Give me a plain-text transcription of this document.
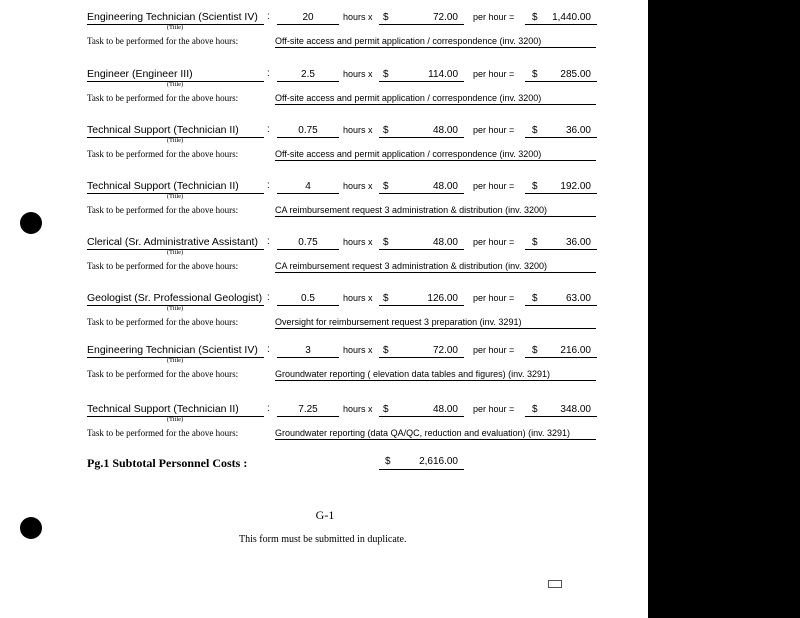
Engineering Technician (Scientist IV) :	20	hours x $	72.00	per hour = $	1,440.00
(Title)
Task to be performed for the above hours:	Off-site access and permit application / correspondence (inv. 3200)
Engineer (Engineer III)	:	2.5	hours x $	114.00	per hour = $	285.00
(Title)
Task to be performed for the above hours:	Off-site access and permit application / correspondence (inv. 3200)
Technical Support (Technician II)	:	0.75	hours x $	48.00	per hour = $	36.00
(Title)
Task to be performed for the above hours:	Off-site access and permit application / correspondence (inv. 3200)
Technical Support (Technician II)	:	4	hours x $	48.00	per hour = $	192.00
(Title)
Task to be performed for the above hours:	CA reimbursement request 3 administration & distribution (inv. 3200)
Clerical (Sr. Administrative Assistant) :	0.75	hours x $	48.00	per hour = $	36.00
(Title)
Task to be performed for the above hours:	CA reimbursement request 3 administration & distribution (inv. 3200)
Geologist (Sr. Professional Geologist) :	0.5	hours x $	126.00	per hour = $	63.00
(Title)
Task to be performed for the above hours:	Oversight for reimbursement request 3 preparation (inv. 3291)
Engineering Technician (Scientist IV) :	3	hours x $	72.00	per hour = $	216.00
(Title)
Task to be performed for the above hours:	Groundwater reporting ( elevation data tables and figures) (inv. 3291)
Technical Support (Technician II)	:	7.25	hours x $	48.00	per hour = $	348.00
(Title)
Task to be performed for the above hours:	Groundwater reporting (data QA/QC, reduction and evaluation) (inv. 3291)
Pg.1 Subtotal Personnel Costs :	$	2,616.00
G-1
This form must be submitted in duplicate.
